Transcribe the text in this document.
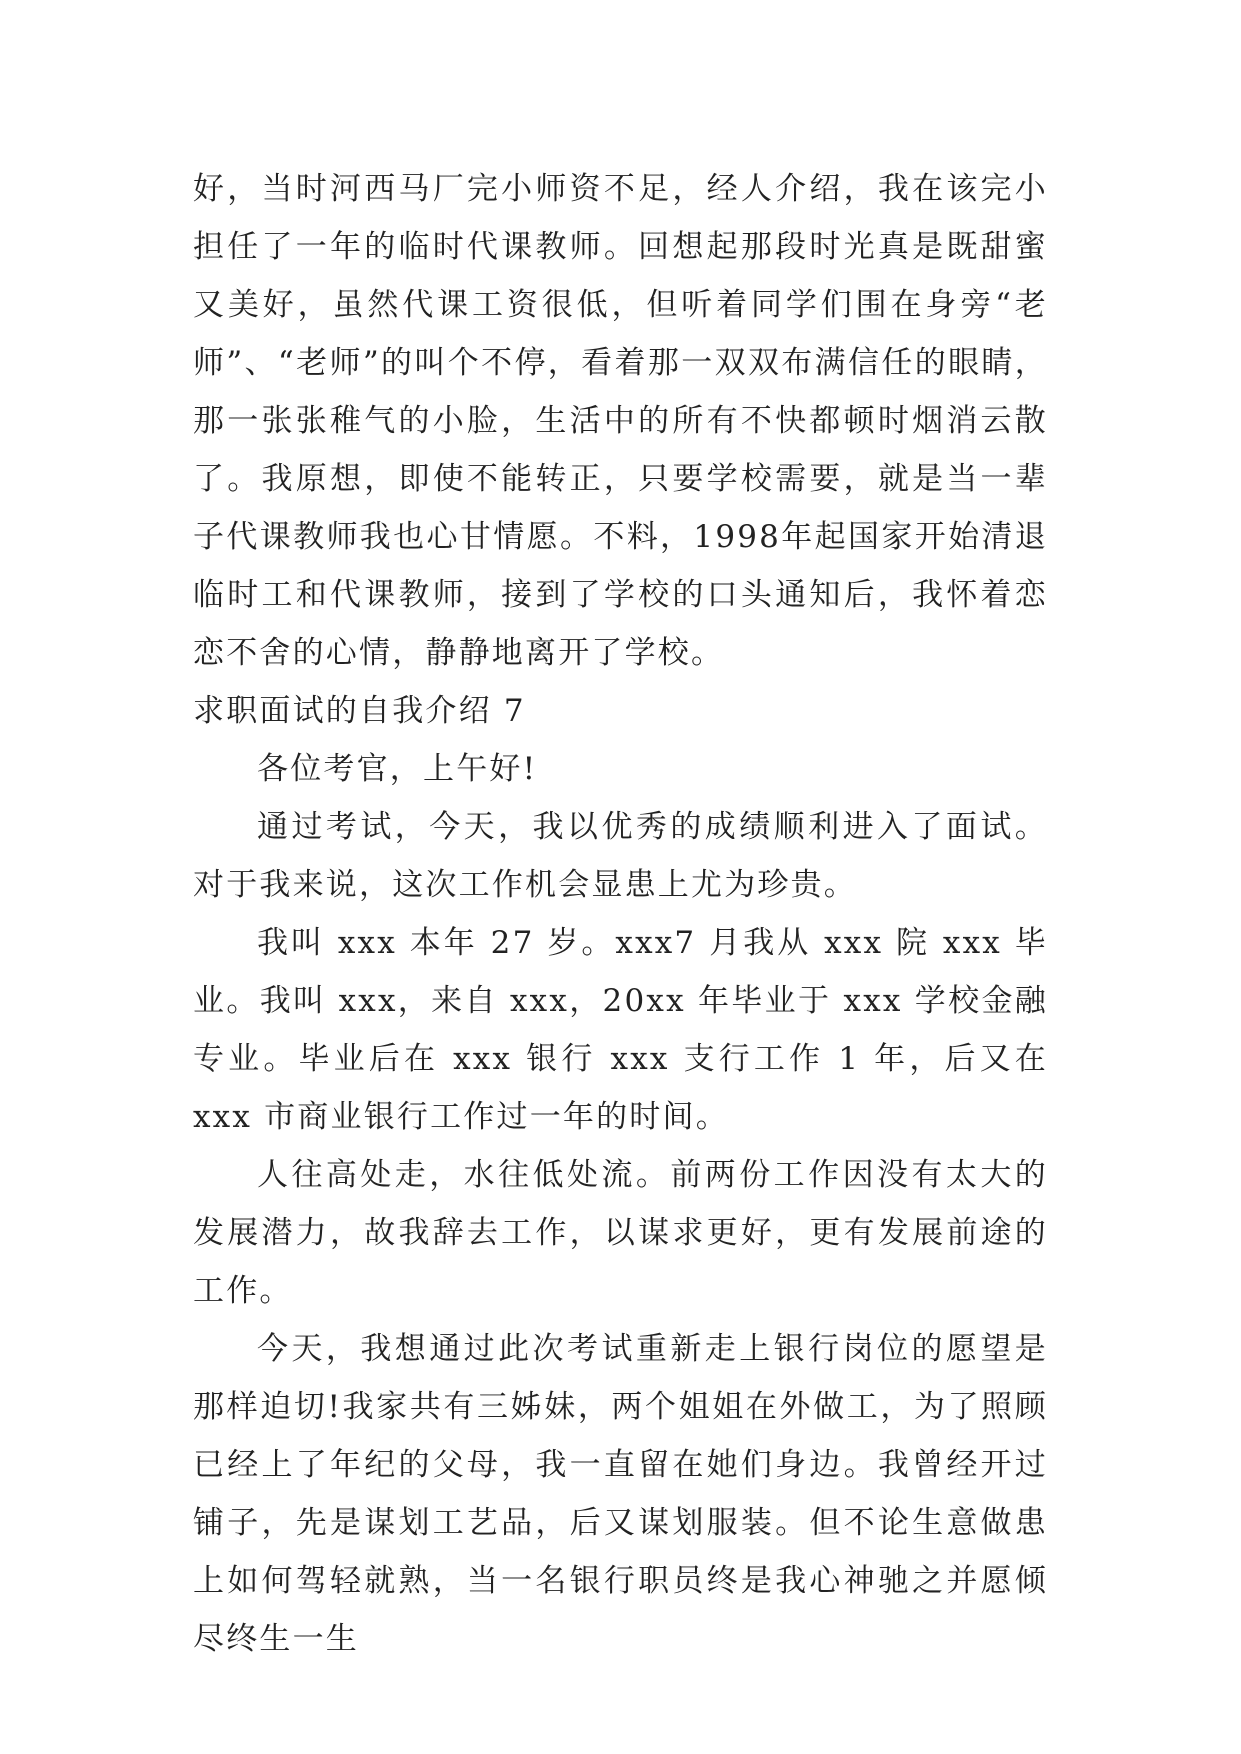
好，当时河西马厂完小师资不足，经人介绍，我在该完小担任了一年的临时代课教师。回想起那段时光真是既甜蜜又美好，虽然代课工资很低，但听着同学们围在身旁“老师”、“老师”的叫个不停，看着那一双双布满信任的眼睛，那一张张稚气的小脸，生活中的所有不快都顿时烟消云散了。我原想，即使不能转正，只要学校需要，就是当一辈子代课教师我也心甘情愿。不料，1998年起国家开始清退临时工和代课教师，接到了学校的口头通知后，我怀着恋恋不舍的心情，静静地离开了学校。

求职面试的自我介绍 7

各位考官，上午好!

通过考试，今天，我以优秀的成绩顺利进入了面试。对于我来说，这次工作机会显患上尤为珍贵。

我叫 xxx 本年 27 岁。xxx7 月我从 xxx 院 xxx 毕业。我叫 xxx，来自 xxx，20xx 年毕业于 xxx 学校金融专业。毕业后在 xxx 银行 xxx 支行工作 1 年，后又在 xxx 市商业银行工作过一年的时间。

人往高处走，水往低处流。前两份工作因没有太大的发展潜力，故我辞去工作，以谋求更好，更有发展前途的工作。

今天，我想通过此次考试重新走上银行岗位的愿望是那样迫切!我家共有三姊妹，两个姐姐在外做工，为了照顾已经上了年纪的父母，我一直留在她们身边。我曾经开过铺子，先是谋划工艺品，后又谋划服装。但不论生意做患上如何驾轻就熟，当一名银行职员终是我心神驰之并愿倾尽终生一生
